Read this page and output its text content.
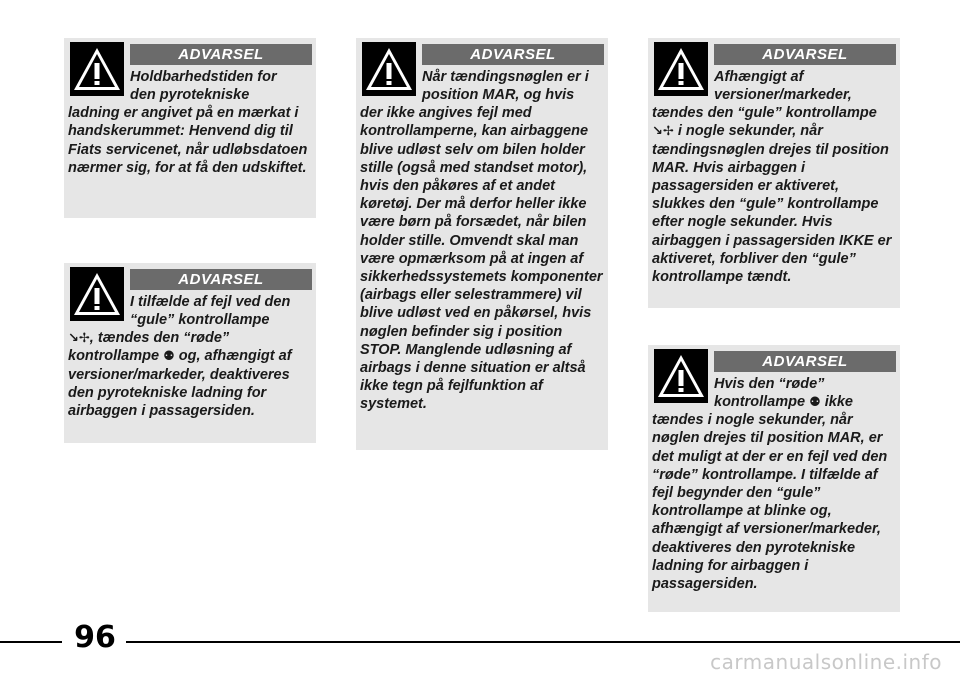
ADVARSEL
Holdbarhedstiden for
den pyrotekniske
ladning er angivet på en mærkat i handskerummet: Henvend dig til Fiats servicenet, når udløbsdatoen nærmer sig, for at få den udskiftet.
ADVARSEL
I tilfælde af fejl ved den
“gule” kontrollampe
↘✢, tændes den “røde” kontrollampe ⚉ og, afhængigt af versioner/markeder, deaktiveres den pyrotekniske ladning for airbaggen i passagersiden.
ADVARSEL
Når tændingsnøglen er i
position MAR, og hvis
der ikke angives fejl med kontrollamperne, kan airbaggene blive udløst selv om bilen holder stille (også med standset motor), hvis den påkøres af et andet køretøj. Der må derfor heller ikke være børn på forsædet, når bilen holder stille. Omvendt skal man være opmærksom på at ingen af sikkerhedssystemets komponenter (airbags eller selestrammere) vil blive udløst ved en påkørsel, hvis nøglen befinder sig i position STOP. Manglende udløsning af airbags i denne situation er altså ikke tegn på fejlfunktion af systemet.
ADVARSEL
Afhængigt af
versioner/markeder,
tændes den “gule” kontrollampe ↘✢ i nogle sekunder, når tændingsnøglen drejes til position MAR. Hvis airbaggen i passagersiden er aktiveret, slukkes den “gule” kontrollampe efter nogle sekunder. Hvis airbaggen i passagersiden IKKE er aktiveret, forbliver den “gule” kontrollampe tændt.
ADVARSEL
Hvis den “røde”
kontrollampe ⚉ ikke
tændes i nogle sekunder, når nøglen drejes til position MAR, er det muligt at der er en fejl ved den “røde” kontrollampe. I tilfælde af fejl begynder den “gule” kontrollampe at blinke og, afhængigt af versioner/markeder, deaktiveres den pyrotekniske ladning for airbaggen i passagersiden.
96
carmanualsonline.info
